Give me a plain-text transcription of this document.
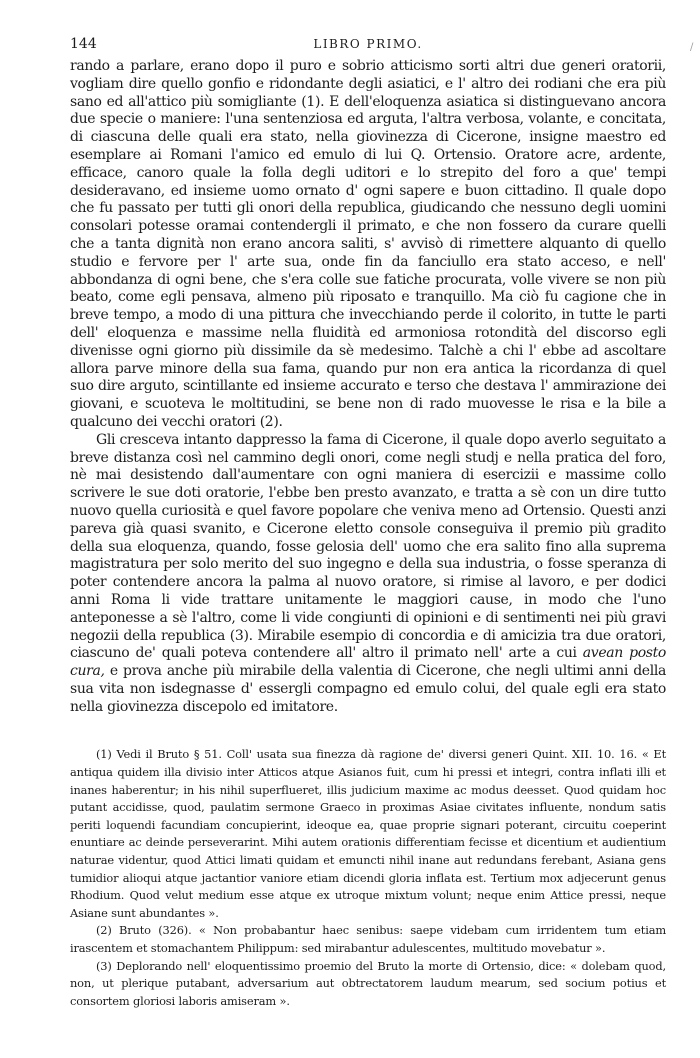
/
144	LIBRO PRIMO.

rando a parlare, erano dopo il puro e sobrio atticismo sorti altri due generi oratorii, vogliam dire quello gonfio e ridondante degli asiatici, e l' altro dei rodiani che era più sano ed all'attico più somigliante (1). E dell'eloquenza asiatica si distinguevano ancora due specie o maniere: l'una sentenziosa ed arguta, l'altra verbosa, volante, e concitata, di ciascuna delle quali era stato, nella giovinezza di Cicerone, insigne maestro ed esemplare ai Romani l'amico ed emulo di lui Q. Ortensio. Oratore acre, ardente, efficace, canoro quale la folla degli uditori e lo strepito del foro a que' tempi desideravano, ed insieme uomo ornato d' ogni sapere e buon cittadino. Il quale dopo che fu passato per tutti gli onori della republica, giudicando che nessuno degli uomini consolari potesse oramai contendergli il primato, e che non fossero da curare quelli che a tanta dignità non erano ancora saliti, s' avvisò di rimettere alquanto di quello studio e fervore per l' arte sua, onde fin da fanciullo era stato acceso, e nell' abbondanza di ogni bene, che s'era colle sue fatiche procurata, volle vivere se non più beato, come egli pensava, almeno più riposato e tranquillo. Ma ciò fu cagione che in breve tempo, a modo di una pittura che invecchiando perde il colorito, in tutte le parti dell' eloquenza e massime nella fluidità ed armoniosa rotondità del discorso egli divenisse ogni giorno più dissimile da sè medesimo. Talchè a chi l' ebbe ad ascoltare allora parve minore della sua fama, quando pur non era antica la ricordanza di quel suo dire arguto, scintillante ed insieme accurato e terso che destava l' ammirazione dei giovani, e scuoteva le moltitudini, se bene non di rado muovesse le risa e la bile a qualcuno dei vecchi oratori (2).

Gli cresceva intanto dappresso la fama di Cicerone, il quale dopo averlo seguitato a breve distanza così nel cammino degli onori, come negli studj e nella pratica del foro, nè mai desistendo dall'aumentare con ogni maniera di esercizii e massime collo scrivere le sue doti oratorie, l'ebbe ben presto avanzato, e tratta a sè con un dire tutto nuovo quella curiosità e quel favore popolare che veniva meno ad Ortensio. Questi anzi pareva già quasi svanito, e Cicerone eletto console conseguiva il premio più gradito della sua eloquenza, quando, fosse gelosia dell' uomo che era salito fino alla suprema magistratura per solo merito del suo ingegno e della sua industria, o fosse speranza di poter contendere ancora la palma al nuovo oratore, si rimise al lavoro, e per dodici anni Roma li vide trattare unitamente le maggiori cause, in modo che l'uno anteponesse a sè l'altro, come li vide congiunti di opinioni e di sentimenti nei più gravi negozii della republica (3). Mirabile esempio di concordia e di amicizia tra due oratori, ciascuno de' quali poteva contendere all' altro il primato nell' arte a cui avean posto cura, e prova anche più mirabile della valentia di Cicerone, che negli ultimi anni della sua vita non isdegnasse d' essergli compagno ed emulo colui, del quale egli era stato nella giovinezza discepolo ed imitatore.

(1) Vedi il Bruto § 51. Coll' usata sua finezza dà ragione de' diversi generi Quint. XII. 10. 16. « Et antiqua quidem illa divisio inter Atticos atque Asianos fuit, cum hi pressi et integri, contra inflati illi et inanes haberentur; in his nihil superflueret, illis judicium maxime ac modus deesset. Quod quidam hoc putant accidisse, quod, paulatim sermone Graeco in proximas Asiae civitates influente, nondum satis periti loquendi facundiam concupierint, ideoque ea, quae proprie signari poterant, circuitu coeperint enuntiare ac deinde perseverarint. Mihi autem orationis differentiam fecisse et dicentium et audientium naturae videntur, quod Attici limati quidam et emuncti nihil inane aut redundans ferebant, Asiana gens tumidior alioqui atque jactantior vaniore etiam dicendi gloria inflata est. Tertium mox adjecerunt genus Rhodium. Quod velut medium esse atque ex utroque mixtum volunt; neque enim Attice pressi, neque Asiane sunt abundantes ».

(2) Bruto (326). « Non probabantur haec senibus: saepe videbam cum irridentem tum etiam irascentem et stomachantem Philippum: sed mirabantur adulescentes, multitudo movebatur ».

(3) Deplorando nell' eloquentissimo proemio del Bruto la morte di Ortensio, dice: « dolebam quod, non, ut plerique putabant, adversarium aut obtrectatorem laudum mearum, sed socium potius et consortem gloriosi laboris amiseram ».
